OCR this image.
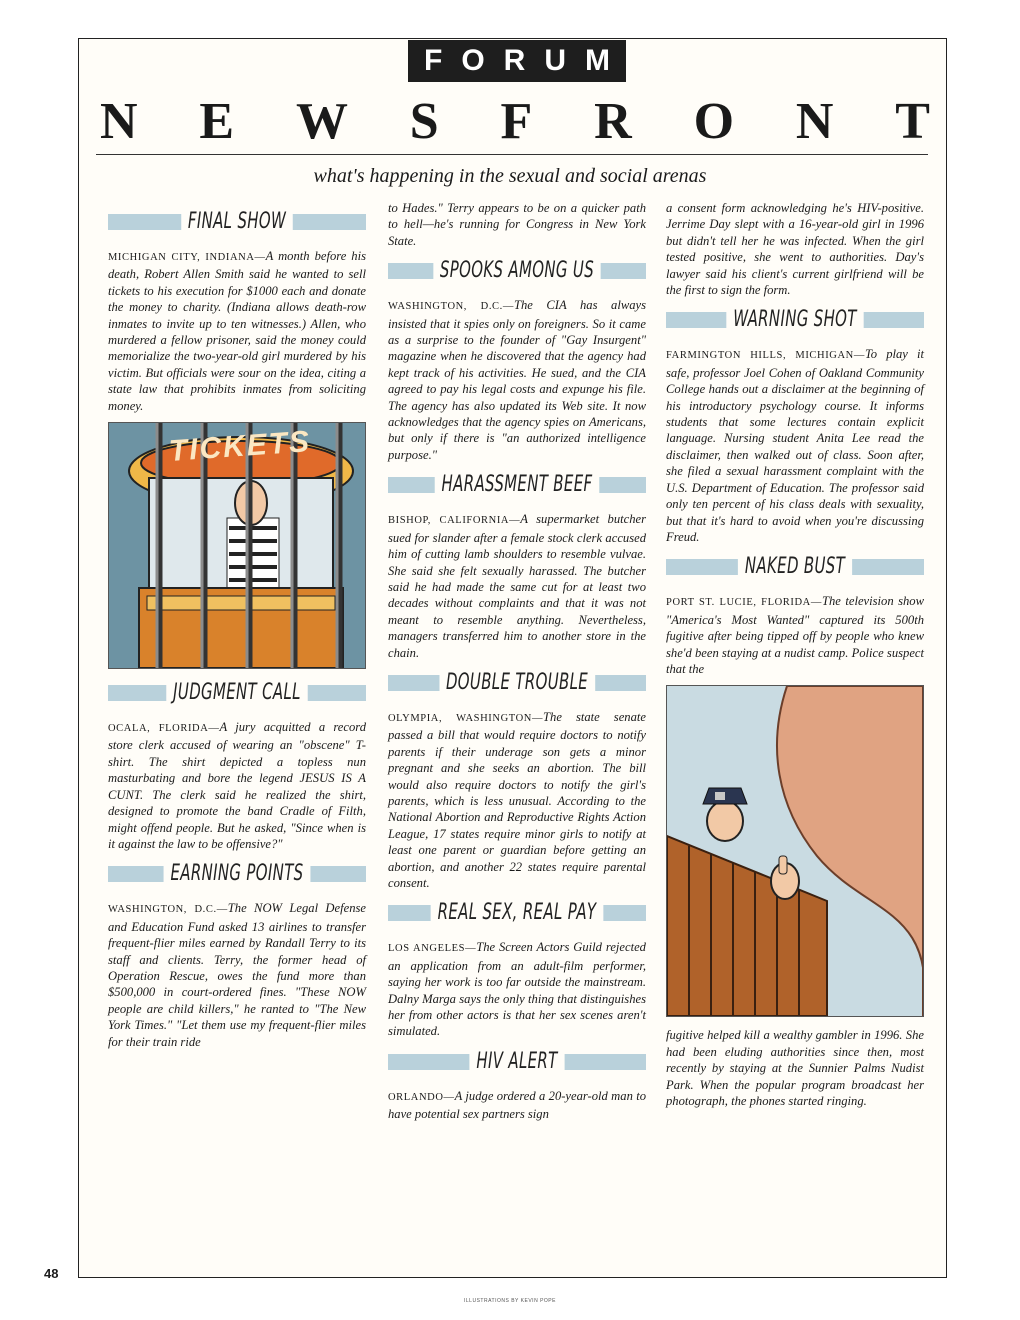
FORUM
N E W S F R O N T
what's happening in the sexual and social arenas
FINAL SHOW

MICHIGAN CITY, INDIANA—A month before his death, Robert Allen Smith said he wanted to sell tickets to his execution for $1000 each and donate the money to charity. (Indiana allows death-row inmates to invite up to ten witnesses.) Allen, who murdered a fellow prisoner, said the money could memorialize the two-year-old girl murdered by his victim. But officials were sour on the idea, citing a state law that prohibits inmates from soliciting money.

TICKETS
JUDGMENT CALL

OCALA, FLORIDA—A jury acquitted a record store clerk accused of wearing an "obscene" T-shirt. The shirt depicted a topless nun masturbating and bore the legend JESUS IS A CUNT. The clerk said he realized the shirt, designed to promote the band Cradle of Filth, might offend people. But he asked, "Since when is it against the law to be offensive?"

EARNING POINTS

WASHINGTON, D.C.—The NOW Legal Defense and Education Fund asked 13 airlines to transfer frequent-flier miles earned by Randall Terry to its staff and clients. Terry, the former head of Operation Rescue, owes the fund more than $500,000 in court-ordered fines. "These NOW people are child killers," he ranted to "The New York Times." "Let them use my frequent-flier miles for their train ride

to Hades." Terry appears to be on a quicker path to hell—he's running for Congress in New York State.

SPOOKS AMONG US

WASHINGTON, D.C.—The CIA has always insisted that it spies only on foreigners. So it came as a surprise to the founder of "Gay Insurgent" magazine when he discovered that the agency had kept track of his activities. He sued, and the CIA agreed to pay his legal costs and expunge his file. The agency has also updated its Web site. It now acknowledges that the agency spies on Americans, but only if there is "an authorized intelligence purpose."

HARASSMENT BEEF

BISHOP, CALIFORNIA—A supermarket butcher sued for slander after a female stock clerk accused him of cutting lamb shoulders to resemble vulvae. She said she felt sexually harassed. The butcher said he had made the same cut for at least two decades without complaints and that it was not meant to resemble anything. Nevertheless, managers transferred him to another store in the chain.

DOUBLE TROUBLE

OLYMPIA, WASHINGTON—The state senate passed a bill that would require doctors to notify parents if their underage son gets a minor pregnant and she seeks an abortion. The bill would also require doctors to notify the girl's parents, which is less unusual. According to the National Abortion and Reproductive Rights Action League, 17 states require minor girls to notify at least one parent or guardian before getting an abortion, and another 22 states require parental consent.

REAL SEX, REAL PAY

LOS ANGELES—The Screen Actors Guild rejected an application from an adult-film performer, saying her work is too far outside the mainstream. Dalny Marga says the only thing that distinguishes her from other actors is that her sex scenes aren't simulated.

HIV ALERT

ORLANDO—A judge ordered a 20-year-old man to have potential sex partners sign

a consent form acknowledging he's HIV-positive. Jerrime Day slept with a 16-year-old girl in 1996 but didn't tell her he was infected. When the girl tested positive, she went to authorities. Day's lawyer said his client's current girlfriend will be the first to sign the form.

WARNING SHOT

FARMINGTON HILLS, MICHIGAN—To play it safe, professor Joel Cohen of Oakland Community College hands out a disclaimer at the beginning of his introductory psychology course. It informs students that some lectures contain explicit language. Nursing student Anita Lee read the disclaimer, then walked out of class. Soon after, she filed a sexual harassment complaint with the U.S. Department of Education. The professor said only ten percent of his class deals with sexuality, but that it's hard to avoid when you're discussing Freud.

NAKED BUST

PORT ST. LUCIE, FLORIDA—The television show "America's Most Wanted" captured its 500th fugitive after being tipped off by people who knew she'd been staying at a nudist camp. Police suspect that the

fugitive helped kill a wealthy gambler in 1996. She had been eluding authorities since then, most recently by staying at the Sunnier Palms Nudist Park. When the popular program broadcast her photograph, the phones started ringing.

48
ILLUSTRATIONS BY KEVIN POPE
